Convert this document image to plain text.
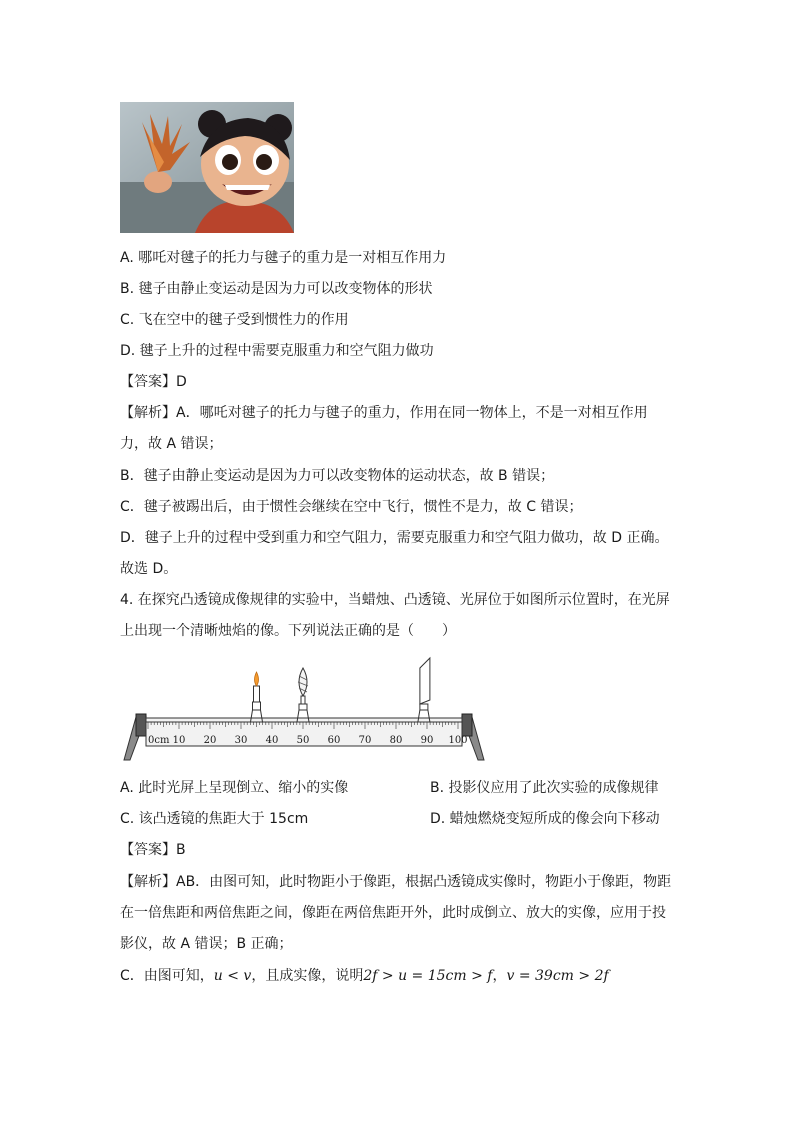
A. 哪吒对毽子的托力与毽子的重力是一对相互作用力
B. 毽子由静止变运动是因为力可以改变物体的形状
C. 飞在空中的毽子受到惯性力的作用
D. 毽子上升的过程中需要克服重力和空气阻力做功
【答案】D
【解析】A．哪吒对毽子的托力与毽子的重力，作用在同一物体上，不是一对相互作用
力，故 A 错误；
B．毽子由静止变运动是因为力可以改变物体的运动状态，故 B 错误；
C．毽子被踢出后，由于惯性会继续在空中飞行，惯性不是力，故 C 错误；
D．毽子上升的过程中受到重力和空气阻力，需要克服重力和空气阻力做功，故 D 正确。
故选 D。
4. 在探究凸透镜成像规律的实验中，当蜡烛、凸透镜、光屏位于如图所示位置时，在光屏
上出现一个清晰烛焰的像。下列说法正确的是（　　）
0cm 10 20 30 40 50 60 70 80 90 100
A. 此时光屏上呈现倒立、缩小的实像	B. 投影仪应用了此次实验的成像规律
C. 该凸透镜的焦距大于 15cm	D. 蜡烛燃烧变短所成的像会向下移动
【答案】B
【解析】AB．由图可知，此时物距小于像距，根据凸透镜成实像时，物距小于像距，物距
在一倍焦距和两倍焦距之间，像距在两倍焦距开外，此时成倒立、放大的实像，应用于投
影仪，故 A 错误；B 正确；
C．由图可知，u < v，且成实像，说明2f > u = 15cm > f，v = 39cm > 2f
